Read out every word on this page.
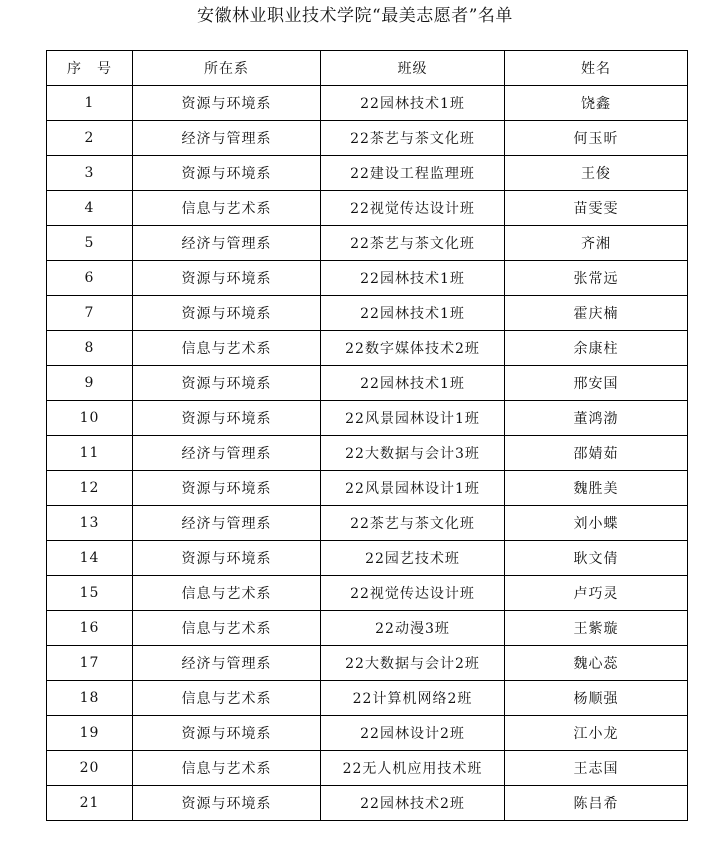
安徽林业职业技术学院“最美志愿者”名单
序　号	所在系	班级	姓名
1	资源与环境系	22园林技术1班	饶鑫
2	经济与管理系	22茶艺与茶文化班	何玉昕
3	资源与环境系	22建设工程监理班	王俊
4	信息与艺术系	22视觉传达设计班	苗雯雯
5	经济与管理系	22茶艺与茶文化班	齐湘
6	资源与环境系	22园林技术1班	张常远
7	资源与环境系	22园林技术1班	霍庆楠
8	信息与艺术系	22数字媒体技术2班	余康柱
9	资源与环境系	22园林技术1班	邢安国
10	资源与环境系	22风景园林设计1班	董鸿渤
11	经济与管理系	22大数据与会计3班	邵婧茹
12	资源与环境系	22风景园林设计1班	魏胜美
13	经济与管理系	22茶艺与茶文化班	刘小蝶
14	资源与环境系	22园艺技术班	耿文倩
15	信息与艺术系	22视觉传达设计班	卢巧灵
16	信息与艺术系	22动漫3班	王紫璇
17	经济与管理系	22大数据与会计2班	魏心蕊
18	信息与艺术系	22计算机网络2班	杨顺强
19	资源与环境系	22园林设计2班	江小龙
20	信息与艺术系	22无人机应用技术班	王志国
21	资源与环境系	22园林技术2班	陈吕希
